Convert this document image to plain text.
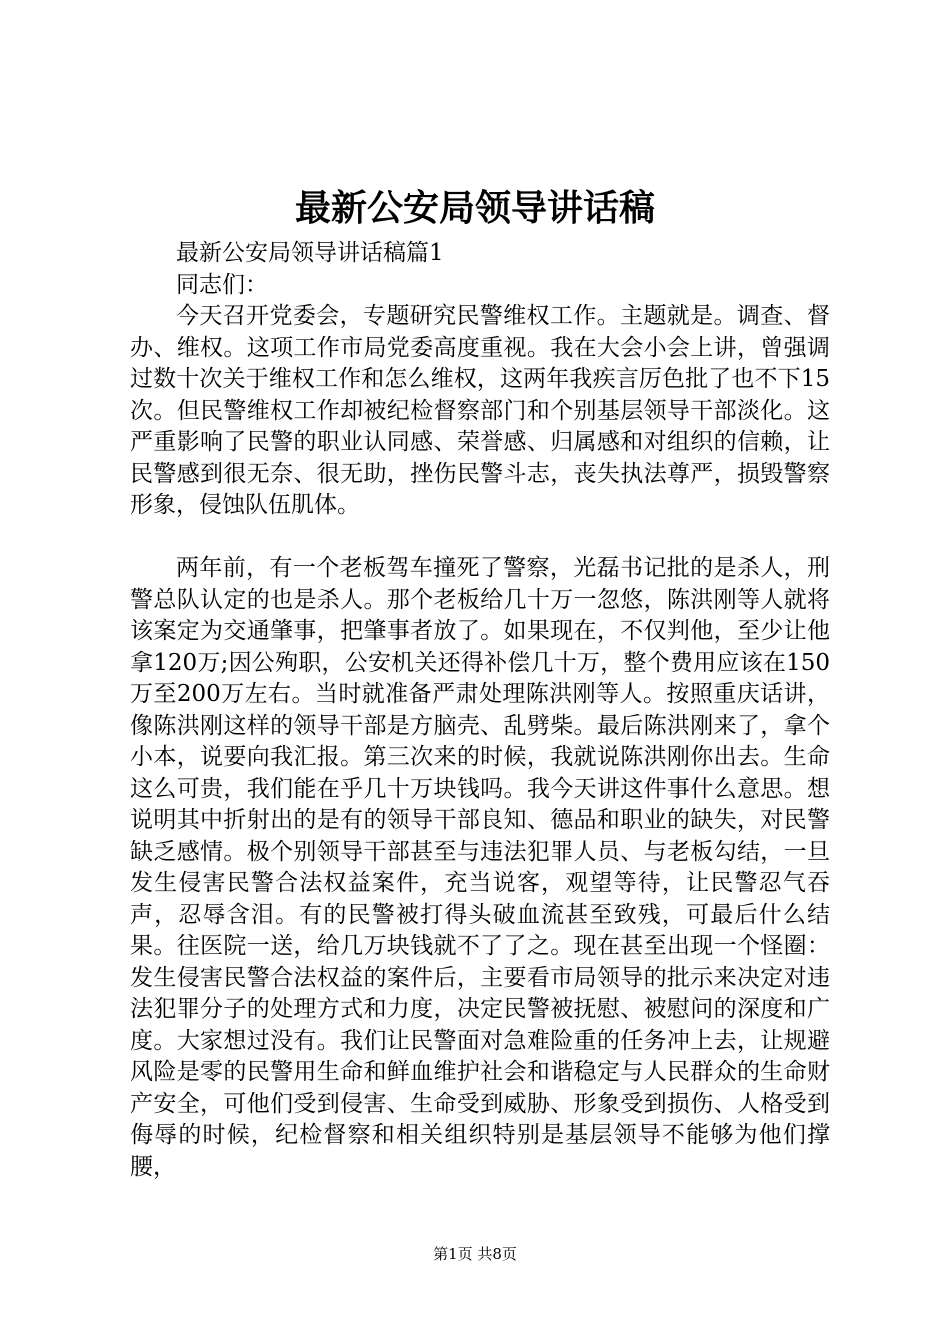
最新公安局领导讲话稿

最新公安局领导讲话稿篇1

同志们：

今天召开党委会，专题研究民警维权工作。主题就是。调查、督办、维权。这项工作市局党委高度重视。我在大会小会上讲，曾强调过数十次关于维权工作和怎么维权，这两年我疾言厉色批了也不下15次。但民警维权工作却被纪检督察部门和个别基层领导干部淡化。这严重影响了民警的职业认同感、荣誉感、归属感和对组织的信赖，让民警感到很无奈、很无助，挫伤民警斗志，丧失执法尊严，损毁警察形象，侵蚀队伍肌体。

两年前，有一个老板驾车撞死了警察，光磊书记批的是杀人，刑警总队认定的也是杀人。那个老板给几十万一忽悠，陈洪刚等人就将该案定为交通肇事，把肇事者放了。如果现在，不仅判他，至少让他拿120万;因公殉职，公安机关还得补偿几十万，整个费用应该在150万至200万左右。当时就准备严肃处理陈洪刚等人。按照重庆话讲，像陈洪刚这样的领导干部是方脑壳、乱劈柴。最后陈洪刚来了，拿个小本，说要向我汇报。第三次来的时候，我就说陈洪刚你出去。生命这么可贵，我们能在乎几十万块钱吗。我今天讲这件事什么意思。想说明其中折射出的是有的领导干部良知、德品和职业的缺失，对民警缺乏感情。极个别领导干部甚至与违法犯罪人员、与老板勾结，一旦发生侵害民警合法权益案件，充当说客，观望等待，让民警忍气吞声，忍辱含泪。有的民警被打得头破血流甚至致残，可最后什么结果。往医院一送，给几万块钱就不了了之。现在甚至出现一个怪圈：发生侵害民警合法权益的案件后，主要看市局领导的批示来决定对违法犯罪分子的处理方式和力度，决定民警被抚慰、被慰问的深度和广度。大家想过没有。我们让民警面对急难险重的任务冲上去，让规避风险是零的民警用生命和鲜血维护社会和谐稳定与人民群众的生命财产安全，可他们受到侵害、生命受到威胁、形象受到损伤、人格受到侮辱的时候，纪检督察和相关组织特别是基层领导不能够为他们撑腰，

第1页 共8页
